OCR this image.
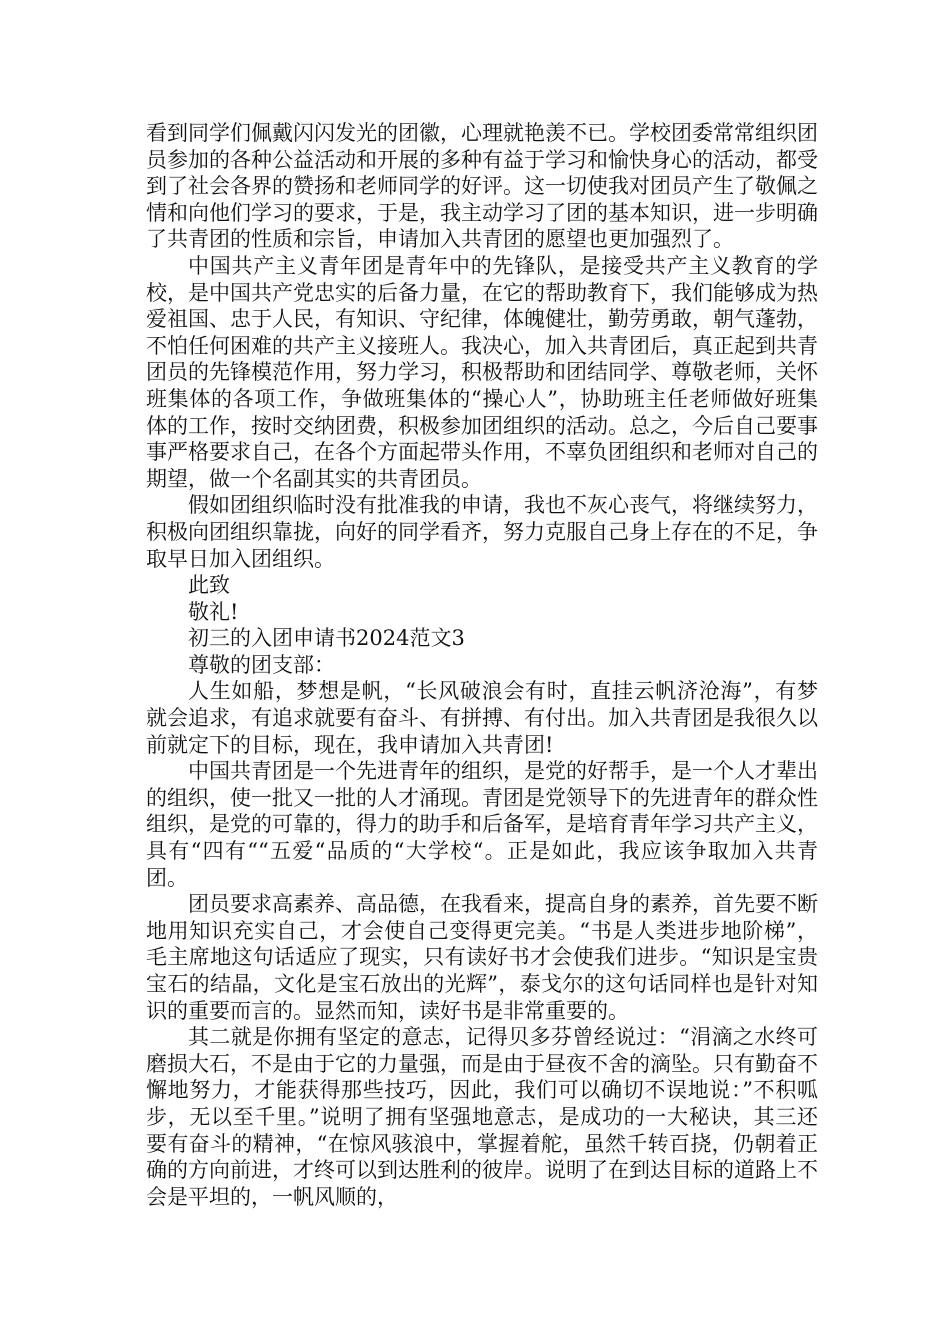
看到同学们佩戴闪闪发光的团徽，心理就艳羡不已。学校团委常常组织团员参加的各种公益活动和开展的多种有益于学习和愉快身心的活动，都受到了社会各界的赞扬和老师同学的好评。这一切使我对团员产生了敬佩之情和向他们学习的要求，于是，我主动学习了团的基本知识，进一步明确了共青团的性质和宗旨，申请加入共青团的愿望也更加强烈了。

中国共产主义青年团是青年中的先锋队，是接受共产主义教育的学校，是中国共产党忠实的后备力量，在它的帮助教育下，我们能够成为热爱祖国、忠于人民，有知识、守纪律，体魄健壮，勤劳勇敢，朝气蓬勃，不怕任何困难的共产主义接班人。我决心，加入共青团后，真正起到共青团员的先锋模范作用，努力学习，积极帮助和团结同学、尊敬老师，关怀班集体的各项工作，争做班集体的“操心人”，协助班主任老师做好班集体的工作，按时交纳团费，积极参加团组织的活动。总之，今后自己要事事严格要求自己，在各个方面起带头作用，不辜负团组织和老师对自己的期望，做一个名副其实的共青团员。

假如团组织临时没有批准我的申请，我也不灰心丧气，将继续努力，积极向团组织靠拢，向好的同学看齐，努力克服自己身上存在的不足，争取早日加入团组织。

此致

敬礼!

初三的入团申请书2024范文3

尊敬的团支部：

人生如船，梦想是帆，“长风破浪会有时，直挂云帆济沧海”，有梦就会追求，有追求就要有奋斗、有拼搏、有付出。加入共青团是我很久以前就定下的目标，现在，我申请加入共青团!

中国共青团是一个先进青年的组织，是党的好帮手，是一个人才辈出的组织，使一批又一批的人才涌现。青团是党领导下的先进青年的群众性组织，是党的可靠的，得力的助手和后备军，是培育青年学习共产主义，具有“四有““五爱“品质的“大学校“。正是如此，我应该争取加入共青团。

团员要求高素养、高品德，在我看来，提高自身的素养，首先要不断地用知识充实自己，才会使自己变得更完美。“书是人类进步地阶梯”，毛主席地这句话适应了现实，只有读好书才会使我们进步。“知识是宝贵宝石的结晶，文化是宝石放出的光辉”，泰戈尔的这句话同样也是针对知识的重要而言的。显然而知，读好书是非常重要的。

其二就是你拥有坚定的意志，记得贝多芬曾经说过：“涓滴之水终可磨损大石，不是由于它的力量强，而是由于昼夜不舍的滴坠。只有勤奋不懈地努力，才能获得那些技巧，因此，我们可以确切不误地说：”不积呱步，无以至千里。”说明了拥有坚强地意志，是成功的一大秘诀，其三还要有奋斗的精神，“在惊风骇浪中，掌握着舵，虽然千转百挠，仍朝着正确的方向前进，才终可以到达胜利的彼岸。说明了在到达目标的道路上不会是平坦的，一帆风顺的，
